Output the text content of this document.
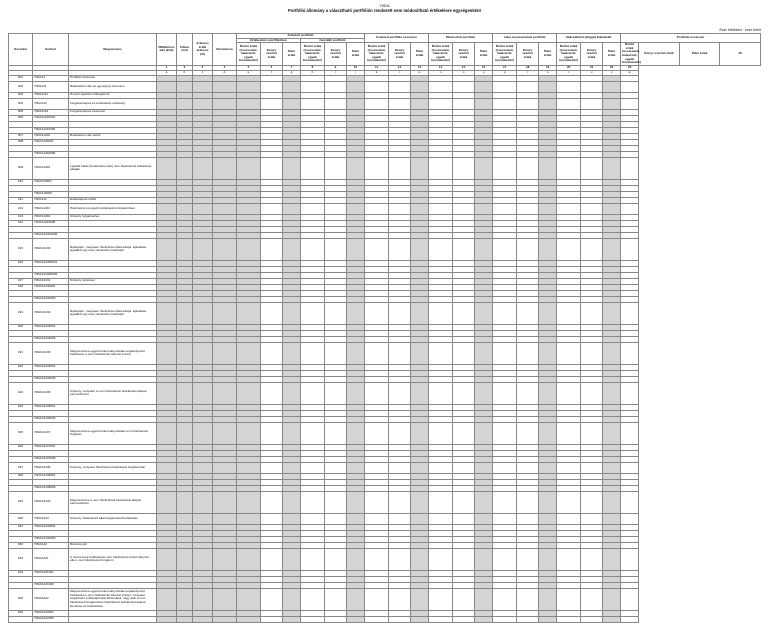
70DA
Portfólió állomány a választható portfólión rendezett nem módosítható értékelésre egységenként
Ezer értékben · ezer forint
Sorszám	Sorkód	Megnevezés	ISIN/ártozó adó (kód)	Ciklus mód	Arányos érték arányos (%)	Devizanem	Fedezett portfólió						Fedezett portfólió összesen			Módosított portfólió			Lakó-összevezetett portfólió			Akkreditáció (függő) kollaterált			Portfólió összesen			
							Értékesítési portfólióban			Fennálló portfólió																		
							Bruttó érték (összesített, halasztott, egyéb fennmaradó)	Könyv szerinti érték	Piaci érték	Bruttó érték (összesített, halasztott, egyéb fennmaradó)	Könyv szerinti érték	Piaci érték	Bruttó érték (összesített, halasztott, egyéb fennmaradó)	Könyv szerinti érték	Piaci érték	Bruttó érték (összesített, halasztott, egyéb fennmaradó)	Könyv szerinti érték	Piaci érték	Bruttó érték (összesített, halasztott, egyéb fennmaradó)	Könyv szerinti érték	Piaci érték	Bruttó érték (összesített, halasztott, egyéb fennmaradó)	Könyv szerinti érték	Piaci érték	Bruttó érték (összesített, halasztott, egyéb fennmaradó)	Könyv szerinti érték	Piaci érték	26
			1	2	3	4	5	6	7	8	9	10	11	12	13	14	15	16	17	18	19	20	21	22	23			
			a	b	c	d	e	f	g	h	i	j	k	l	m	n	o	p	q	r	s	t	u	v	w			
001	70DA11	Portfólió összesen																										
002	70DA111	Befektetési célú és egységnyi összesen																										
003	70DA1111	Hosszú lejáratú értékpapírok																										
004	70DA112	Forgalomképes és befektetési szabvány																										
005	70DA1121	Forgalomképes összesen																										
006	70DA11210001																											

	70DA11210006																											
007	70DA11202	Befektetési célú ebből																										
008	70DA1120201																											

	70DA11202999																											
009	70DA11203	Lejárati hatás (befektetési célú) nem hitelintézeti befektetés alapján																										
010	70DA110001																											

	70DA110006																											
011	70DA112	Értékpapírok ebből																										
012	70DA11201	Hitelintézet és egyéb értékpapírok forgalomban																										
013	70DA11202	Kötvény forgalmazva																										
014	70DA11210006																											

	70DA121301006																											
015	70DA12130	Értékpapír, melyeken hitelintézet kibocsátója, lejáratban legalább egy éves névértékű értékpapír																										
016	70DA121300001																											

	70DA121300006																											
017	70DA12131	Kötvény összesen																										
018	70DA12130001																											

	70DA12130006																											
019	70DA12134	Értékpapír, melyeken hitelintézet kibocsátója, lejáratban legalább egy éves névértékű értékpapír																										
020	70DA12134001																											

	70DA12134006																											
021	70DA12136	Megszerzésre egyedi önkormányzatnak engedélyezett befektetés a nem hitelintézeti fokozat szerint																										
022	70DA12136001																											

	70DA12136006																											
023	70DA12196	Kötvény, melyeket a nem hitelintézeti befektetési alapok pénzeszközei																										
024	70DA12196001																											

	70DA12196006																											
025	70DA12197	Megszerzésre egyedi önkormányzatnak nem hitelintézeti forgalom																										
026	70DA12197001																											

	70DA12197006																											
027	70DA12198	Kötvény, melyeket hitelintézeti befektetési forgalomban																										
028	70DA12198001																											

	70DA12198006																											
029	70DA12199	Megszerzésre a nem hitelintézeti befektetési alapok pénzeszközei																										
030	70DA1210	Kötvény, hitelintézeti által forgalmazott befektetés																										
031	70DA12100001																											

	70DA12100006																											
032	70DA122	Részvények																										
033	70DA1221	A részvények befektetése nem hitelintézeti önkormányzat ellen, nem hitelintézeti forgalom																										
034	70DA1221001																											

	70DA1221006																											
035	70DA1222	Megszerzésre egyedi önkormányzatnak engedélyezett befektetés a nem hitelintézeti fokozat szerint, melyeket forgalmazó értékpapírokat kibocsátók, vagy akik a nem hitelintézeti forgalomban hitelintézeti befektetési alapok kezelése és befektetése																										
036	70DA1222001																											
	70DA1222006																											
